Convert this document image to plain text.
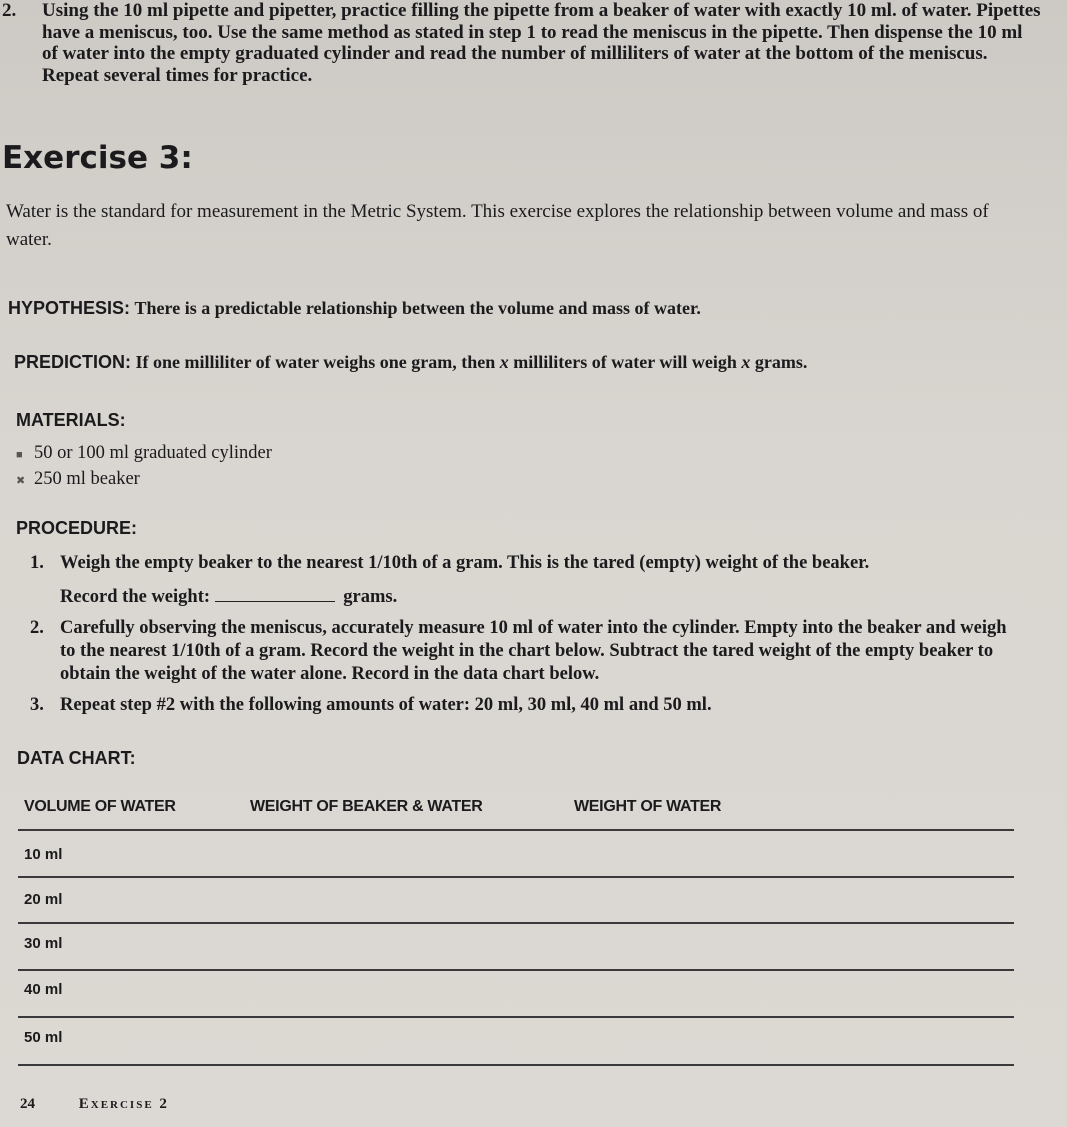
2. Using the 10 ml pipette and pipetter, practice filling the pipette from a beaker of water with exactly 10 ml. of water. Pipettes have a meniscus, too. Use the same method as stated in step 1 to read the meniscus in the pipette. Then dispense the 10 ml of water into the empty graduated cylinder and read the number of milliliters of water at the bottom of the meniscus. Repeat several times for practice.
Exercise 3:
Water is the standard for measurement in the Metric System. This exercise explores the relationship between volume and mass of water.
HYPOTHESIS: There is a predictable relationship between the volume and mass of water.
PREDICTION: If one milliliter of water weighs one gram, then x milliliters of water will weigh x grams.
MATERIALS:
■ 50 or 100 ml graduated cylinder
✖ 250 ml beaker
PROCEDURE:
1. Weigh the empty beaker to the nearest 1/10th of a gram. This is the tared (empty) weight of the beaker.
Record the weight:	grams.
2. Carefully observing the meniscus, accurately measure 10 ml of water into the cylinder. Empty into the beaker and weigh to the nearest 1/10th of a gram. Record the weight in the chart below. Subtract the tared weight of the empty beaker to obtain the weight of the water alone. Record in the data chart below.
3. Repeat step #2 with the following amounts of water: 20 ml, 30 ml, 40 ml and 50 ml.
DATA CHART:
VOLUME OF WATER	WEIGHT OF BEAKER & WATER	WEIGHT OF WATER
10 ml
20 ml
30 ml
40 ml
50 ml
24	Exercise 2
